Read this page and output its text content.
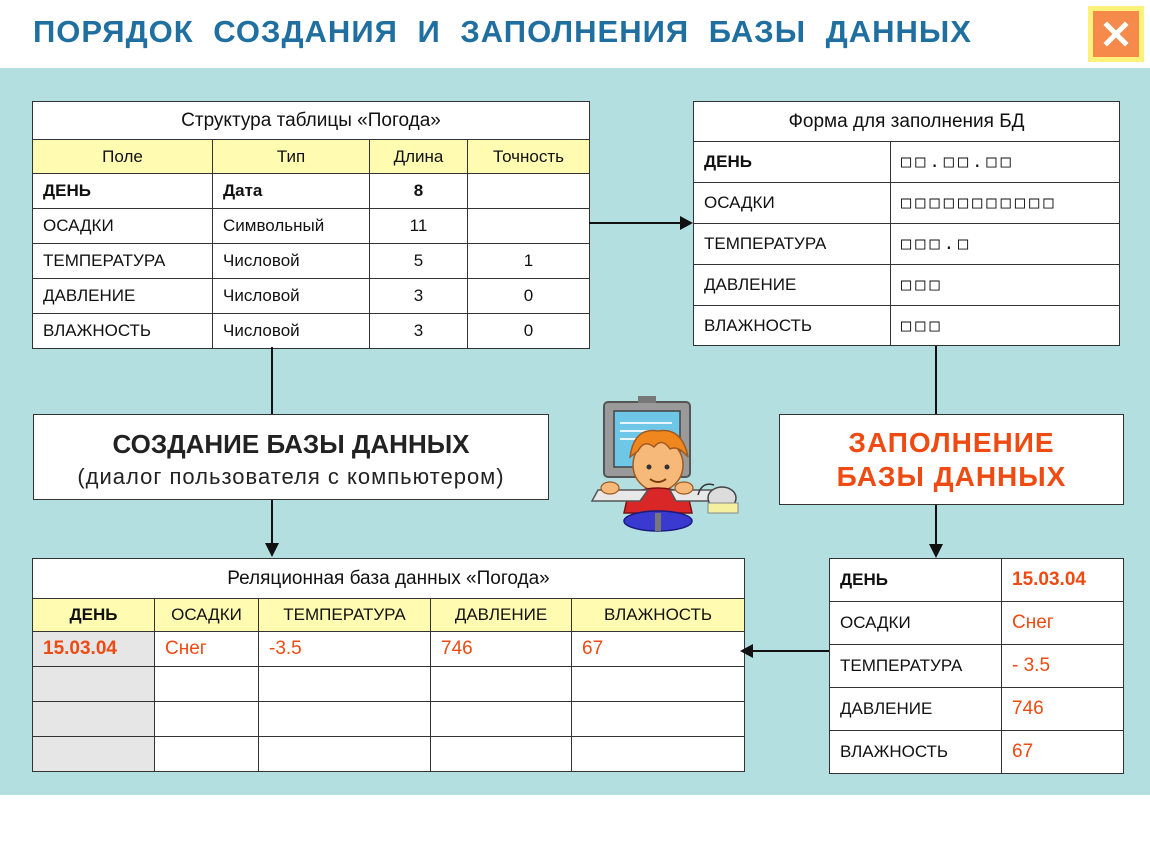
ПОРЯДОК СОЗДАНИЯ И ЗАПОЛНЕНИЯ БАЗЫ ДАННЫХ
Структура таблицы «Погода»			
Поле	Тип	Длина	Точность
ДЕНЬ	Дата	8	
ОСАДКИ	Символьный	11	
ТЕМПЕРАТУРА	Числовой	5	1
ДАВЛЕНИЕ	Числовой	3	0
ВЛАЖНОСТЬ	Числовой	3	0
Форма для заполнения БД	
ДЕНЬ	□□.□□.□□
ОСАДКИ	□□□□□□□□□□□
ТЕМПЕРАТУРА	□□□.□
ДАВЛЕНИЕ	□□□
ВЛАЖНОСТЬ	□□□
СОЗДАНИЕ БАЗЫ ДАННЫХ
(диалог пользователя с компьютером)
ЗАПОЛНЕНИЕ
БАЗЫ ДАННЫХ
Реляционная база данных «Погода»				
ДЕНЬ	ОСАДКИ	ТЕМПЕРАТУРА	ДАВЛЕНИЕ	ВЛАЖНОСТЬ
15.03.04	Снег	-3.5	746	67

ДЕНЬ	15.03.04
ОСАДКИ	Снег
ТЕМПЕРАТУРА	- 3.5
ДАВЛЕНИЕ	746
ВЛАЖНОСТЬ	67
